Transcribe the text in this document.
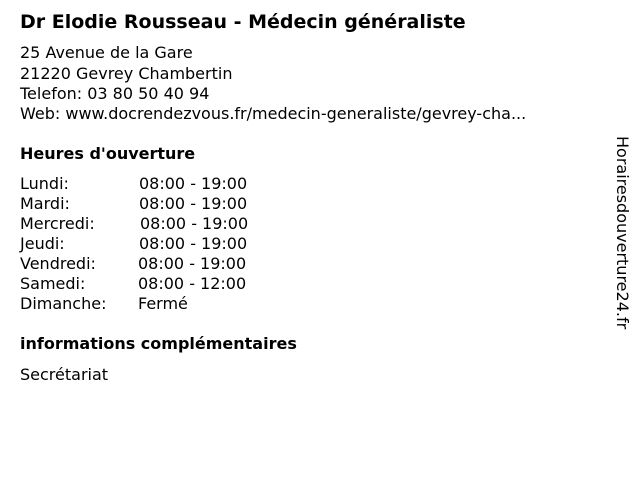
Dr Elodie Rousseau - Médecin généraliste
25 Avenue de la Gare
21220 Gevrey Chambertin
Telefon: 03 80 50 40 94
Web: www.docrendezvous.fr/medecin-generaliste/gevrey-cha...
Heures d'ouverture
Lundi:	08:00 - 19:00
Mardi:	08:00 - 19:00
Mercredi:	08:00 - 19:00
Jeudi:	08:00 - 19:00
Vendredi:	08:00 - 19:00
Samedi:	08:00 - 12:00
Dimanche: Fermé
informations complémentaires
Secrétariat
Horairesdouverture24.fr
